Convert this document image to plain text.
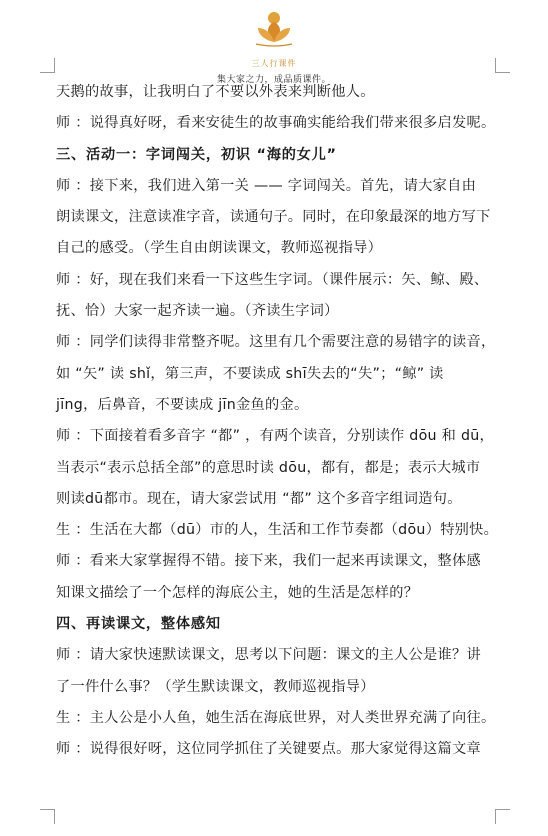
三人行课件
集大家之力，成品质课件。
天鹅的故事，让我明白了不要以外表来判断他人。
师 ：说得真好呀，看来安徒生的故事确实能给我们带来很多启发呢。
三、活动一：字词闯关，初识 “海的女儿”
师 ：接下来，我们进入第一关 —— 字词闯关。首先，请大家自由
朗读课文，注意读准字音，读通句子。同时，在印象最深的地方写下
自己的感受。（学生自由朗读课文，教师巡视指导）
师 ：好，现在我们来看一下这些生字词。（课件展示：矢、鲸、殿、
抚、恰）大家一起齐读一遍。（齐读生字词）
师 ：同学们读得非常整齐呢。这里有几个需要注意的易错字的读音，
如 “矢” 读 shǐ，第三声，不要读成 shī失去的“失”；“鲸” 读
jīng，后鼻音，不要读成 jīn金鱼的金。
师 ：下面接着看多音字 “都” ，有两个读音，分别读作 dōu 和 dū，
当表示“表示总括全部”的意思时读 dōu，都有，都是；表示大城市
则读dū都市。现在，请大家尝试用 “都” 这个多音字组词造句。
生 ：生活在大都（dū）市的人，生活和工作节奏都（dōu）特别快。
师 ：看来大家掌握得不错。接下来，我们一起来再读课文，整体感
知课文描绘了一个怎样的海底公主，她的生活是怎样的？
四、再读课文，整体感知
师 ：请大家快速默读课文，思考以下问题：课文的主人公是谁？讲
了一件什么事？（学生默读课文，教师巡视指导）
生 ：主人公是小人鱼，她生活在海底世界，对人类世界充满了向往。
师 ：说得很好呀，这位同学抓住了关键要点。那大家觉得这篇文章
